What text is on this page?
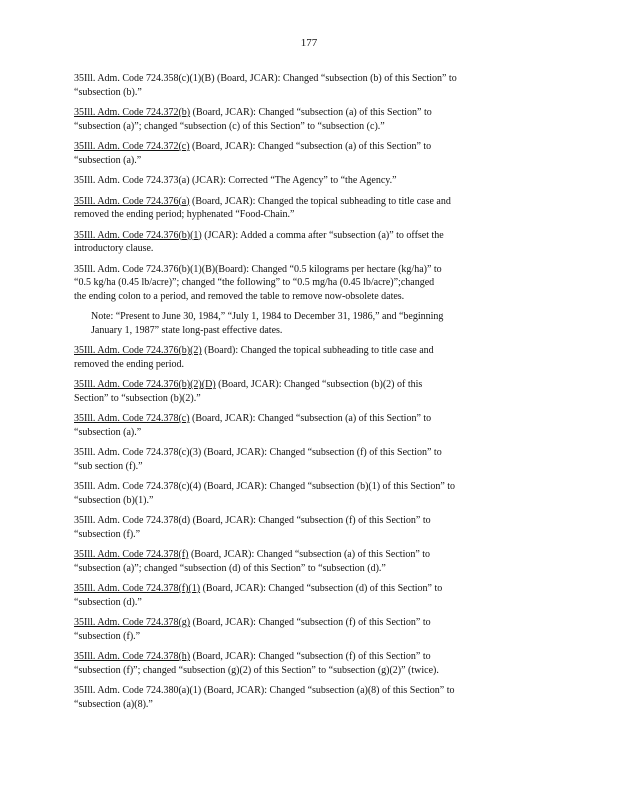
177
35Ill. Adm. Code 724.358(c)(1)(B) (Board, JCAR): Changed “subsection (b) of this Section” to
“subsection (b).”
35Ill. Adm. Code 724.372(b) (Board, JCAR): Changed “subsection (a) of this Section” to
“subsection (a)”; changed “subsection (c) of this Section” to “subsection (c).”
35Ill. Adm. Code 724.372(c) (Board, JCAR): Changed “subsection (a) of this Section” to
“subsection (a).”
35Ill. Adm. Code 724.373(a) (JCAR): Corrected “The Agency” to “the Agency.”
35Ill. Adm. Code 724.376(a) (Board, JCAR): Changed the topical subheading to title case and
removed the ending period; hyphenated “Food-Chain.”
35Ill. Adm. Code 724.376(b)(1) (JCAR): Added a comma after “subsection (a)” to offset the
introductory clause.
35Ill. Adm. Code 724.376(b)(1)(B)(Board): Changed “0.5 kilograms per hectare (kg/ha)” to
“0.5 kg/ha (0.45 lb/acre)”; changed “the following” to “0.5 mg/ha (0.45 lb/acre)”;changed
the ending colon to a period, and removed the table to remove now-obsolete dates.
Note: “Present to June 30, 1984,” “July 1, 1984 to December 31, 1986,” and “beginning
January 1, 1987” state long-past effective dates.
35Ill. Adm. Code 724.376(b)(2) (Board): Changed the topical subheading to title case and
removed the ending period.
35Ill. Adm. Code 724.376(b)(2)(D) (Board, JCAR): Changed “subsection (b)(2) of this
Section” to “subsection (b)(2).”
35Ill. Adm. Code 724.378(c) (Board, JCAR): Changed “subsection (a) of this Section” to
“subsection (a).”
35Ill. Adm. Code 724.378(c)(3) (Board, JCAR): Changed “subsection (f) of this Section” to
“sub section (f).”
35Ill. Adm. Code 724.378(c)(4) (Board, JCAR): Changed “subsection (b)(1) of this Section” to
“subsection (b)(1).”
35Ill. Adm. Code 724.378(d) (Board, JCAR): Changed “subsection (f) of this Section” to
“subsection (f).”
35Ill. Adm. Code 724.378(f) (Board, JCAR): Changed “subsection (a) of this Section” to
“subsection (a)”; changed “subsection (d) of this Section” to “subsection (d).”
35Ill. Adm. Code 724.378(f)(1) (Board, JCAR): Changed “subsection (d) of this Section” to
“subsection (d).”
35Ill. Adm. Code 724.378(g) (Board, JCAR): Changed “subsection (f) of this Section” to
“subsection (f).”
35Ill. Adm. Code 724.378(h) (Board, JCAR): Changed “subsection (f) of this Section” to
“subsection (f)”; changed “subsection (g)(2) of this Section” to “subsection (g)(2)” (twice).
35Ill. Adm. Code 724.380(a)(1) (Board, JCAR): Changed “subsection (a)(8) of this Section” to
“subsection (a)(8).”
